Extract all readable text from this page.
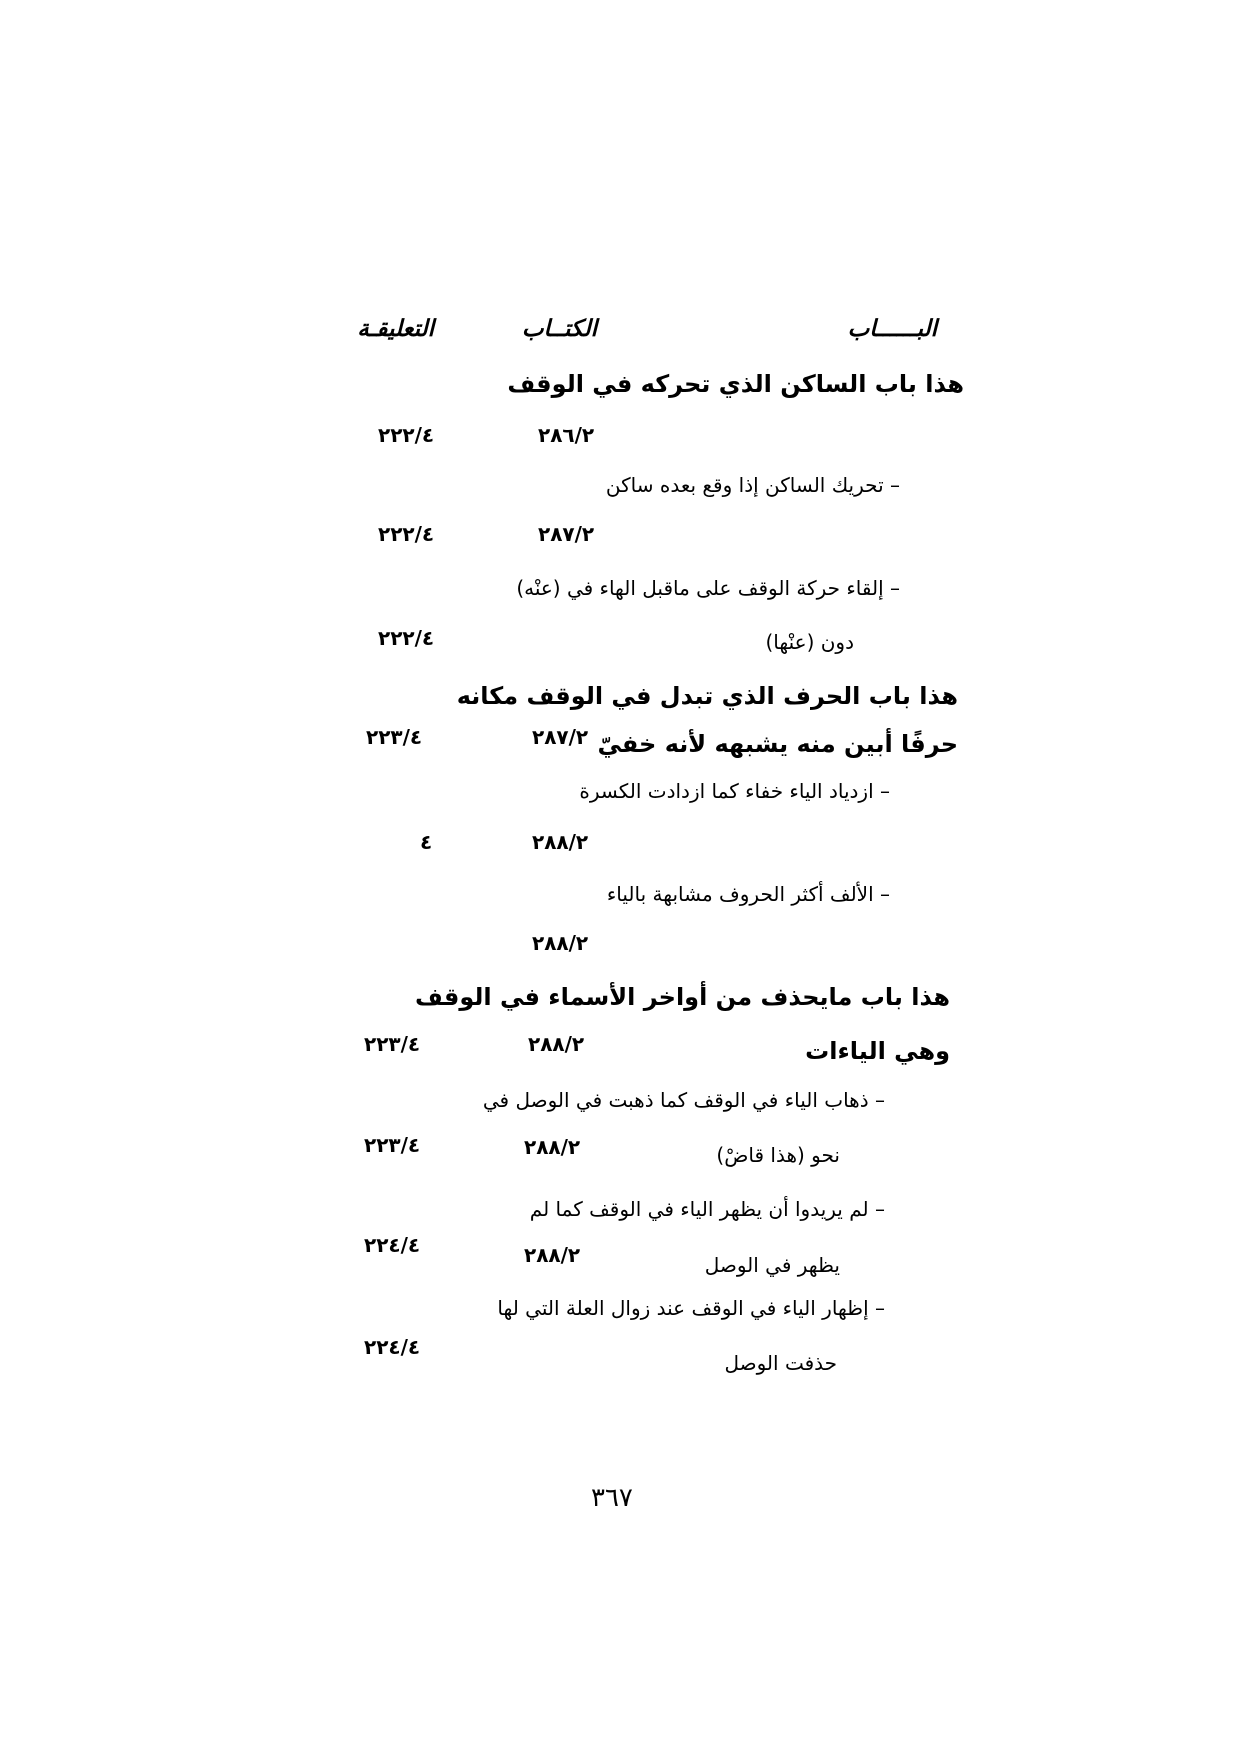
البــــــاب
الكتــاب
التعليقـة
هذا باب الساكن الذي تحركه في الوقف
٢٨٦/٢
٢٢٢/٤
– تحريك الساكن إذا وقع بعده ساكن
٢٨٧/٢
٢٢٢/٤
– إلقاء حركة الوقف على ماقبل الهاء في (عنْه)
دون (عنْها)
٢٢٢/٤
هذا باب الحرف الذي تبدل في الوقف مكانه
حرفًا أبين منه يشبهه لأنه خفيّ
٢٨٧/٢
٢٢٣/٤
– ازدياد الياء خفاء كما ازدادت الكسرة
٢٨٨/٢
٤
– الألف أكثر الحروف مشابهة بالياء
٢٨٨/٢
هذا باب مايحذف من أواخر الأسماء في الوقف
وهي الياءات
٢٨٨/٢
٢٢٣/٤
– ذهاب الياء في الوقف كما ذهبت في الوصل في
نحو (هذا قاضْ)
٢٨٨/٢
٢٢٣/٤
– لم يريدوا أن يظهر الياء في الوقف كما لم
يظهر في الوصل
٢٨٨/٢
٢٢٤/٤
– إظهار الياء في الوقف عند زوال العلة التي لها
حذفت الوصل
٢٢٤/٤
٣٦٧
